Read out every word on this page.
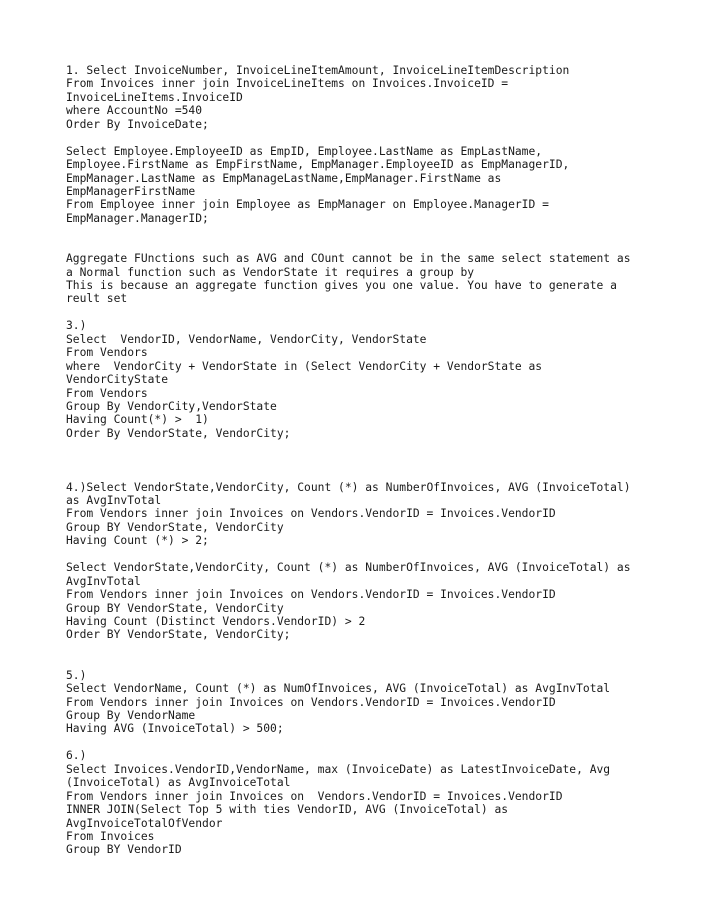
1. Select InvoiceNumber, InvoiceLineItemAmount, InvoiceLineItemDescription
From Invoices inner join InvoiceLineItems on Invoices.InvoiceID =
InvoiceLineItems.InvoiceID
where AccountNo =540
Order By InvoiceDate;
Select Employee.EmployeeID as EmpID, Employee.LastName as EmpLastName,
Employee.FirstName as EmpFirstName, EmpManager.EmployeeID as EmpManagerID,
EmpManager.LastName as EmpManageLastName,EmpManager.FirstName as
EmpManagerFirstName
From Employee inner join Employee as EmpManager on Employee.ManagerID =
EmpManager.ManagerID;
Aggregate FUnctions such as AVG and COunt cannot be in the same select statement as
a Normal function such as VendorState it requires a group by
This is because an aggregate function gives you one value. You have to generate a
reult set
3.)
Select  VendorID, VendorName, VendorCity, VendorState
From Vendors
where  VendorCity + VendorState in (Select VendorCity + VendorState as
VendorCityState
From Vendors
Group By VendorCity,VendorState
Having Count(*) >  1)
Order By VendorState, VendorCity;
4.)Select VendorState,VendorCity, Count (*) as NumberOfInvoices, AVG (InvoiceTotal)
as AvgInvTotal
From Vendors inner join Invoices on Vendors.VendorID = Invoices.VendorID
Group BY VendorState, VendorCity
Having Count (*) > 2;
Select VendorState,VendorCity, Count (*) as NumberOfInvoices, AVG (InvoiceTotal) as
AvgInvTotal
From Vendors inner join Invoices on Vendors.VendorID = Invoices.VendorID
Group BY VendorState, VendorCity
Having Count (Distinct Vendors.VendorID) > 2
Order BY VendorState, VendorCity;
5.)
Select VendorName, Count (*) as NumOfInvoices, AVG (InvoiceTotal) as AvgInvTotal
From Vendors inner join Invoices on Vendors.VendorID = Invoices.VendorID
Group By VendorName
Having AVG (InvoiceTotal) > 500;
6.)
Select Invoices.VendorID,VendorName, max (InvoiceDate) as LatestInvoiceDate, Avg
(InvoiceTotal) as AvgInvoiceTotal
From Vendors inner join Invoices on  Vendors.VendorID = Invoices.VendorID
INNER JOIN(Select Top 5 with ties VendorID, AVG (InvoiceTotal) as
AvgInvoiceTotalOfVendor
From Invoices
Group BY VendorID
